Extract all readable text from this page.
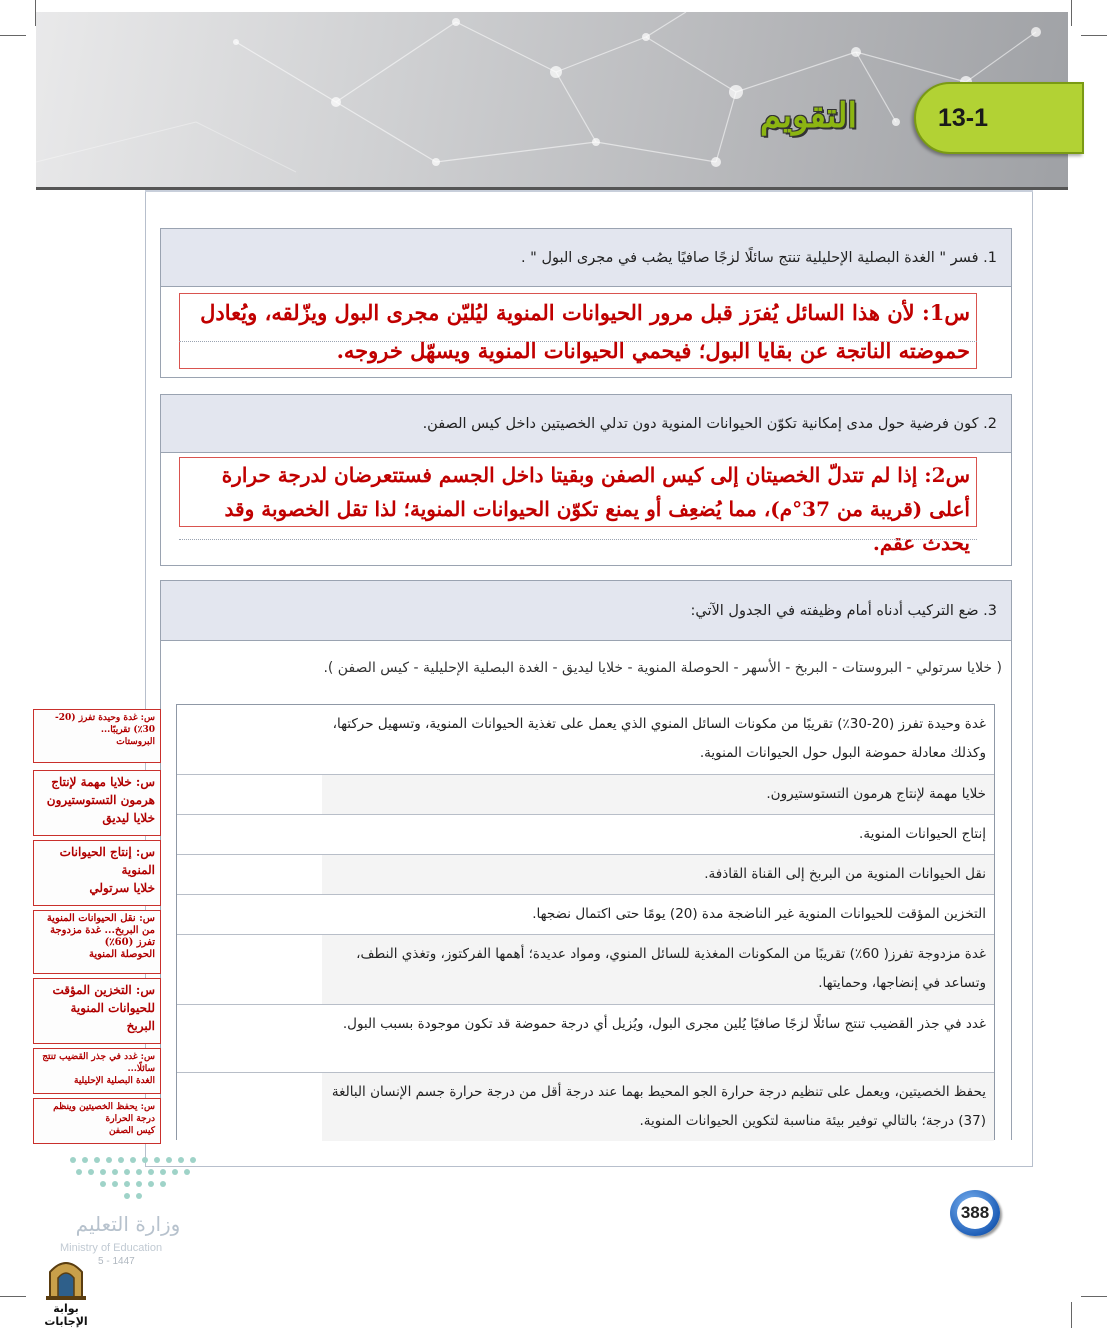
التقويم	13-1
1. فسر " الغدة البصلية الإحليلية تنتج سائلًا لزجًا صافيًا يصُب في مجرى البول " .
س1: لأن هذا السائل يُفرَز قبل مرور الحيوانات المنوية ليُليّن مجرى البول ويزّلقه، ويُعادل حموضته الناتجة عن بقايا البول؛ فيحمي الحيوانات المنوية ويسهّل خروجه.
2. كون فرضية حول مدى إمكانية تكوّن الحيوانات المنوية دون تدلي الخصيتين داخل كيس الصفن.
س2: إذا لم تتدلّ الخصيتان إلى كيس الصفن وبقيتا داخل الجسم فستتعرضان لدرجة حرارة أعلى (قريبة من 37°م)، مما يُضعِف أو يمنع تكوّن الحيوانات المنوية؛ لذا تقل الخصوبة وقد يحدث عقم.
3. ضع التركيب أدناه أمام وظيفته في الجدول الآتي:
( خلايا سرتولي - البروستات - البربخ - الأسهر - الحوصلة المنوية - خلايا ليديق - الغدة البصلية الإحليلية - كيس الصفن ).
غدة وحيدة تفرز (20-30٪) تقريبًا من مكونات السائل المنوي الذي يعمل على تغذية الحيوانات المنوية، وتسهيل حركتها، وكذلك معادلة حموضة البول حول الحيوانات المنوية.
خلايا مهمة لإنتاج هرمون التستوستيرون.
إنتاج الحيوانات المنوية.
نقل الحيوانات المنوية من البربخ إلى القناة القاذفة.
التخزين المؤقت للحيوانات المنوية غير الناضجة مدة (20) يومًا حتى اكتمال نضجها.
غدة مزدوجة تفرز( 60٪) تقريبًا من المكونات المغذية للسائل المنوي، ومواد عديدة؛ أهمها الفركتوز، وتغذي النطف، وتساعد في إنضاجها، وحمايتها.
غدد في جذر القضيب تنتج سائلًا لزجًا صافيًا يُلين مجرى البول، ويُزيل أي درجة حموضة قد تكون موجودة بسبب البول.
يحفظ الخصيتين، ويعمل على تنظيم درجة حرارة الجو المحيط بهما عند درجة أقل من درجة حرارة جسم الإنسان البالغة (37) درجة؛ بالتالي توفير بيئة مناسبة لتكوين الحيوانات المنوية.
س: غدة وحيدة تفرز (20-30٪) تقريبًا...
البروستات
س: خلايا مهمة لإنتاج هرمون التستوستيرون
خلايا ليديق
س: إنتاج الحيوانات المنوية
خلايا سرتولي
س: نقل الحيوانات المنوية من البربخ... غدة مزدوجة تفرز (60٪)
الحوصلة المنوية
س: التخزين المؤقت للحيوانات المنوية
البربخ
س: غدد في جذر القضيب تنتج سائلًا...
الغدة البصلية الإحليلية
س: يحفظ الخصيتين وينظم درجة الحرارة
كيس الصفن
388
وزارة التعليم
Ministry of Education
5 - 1447
بوابة الإجابات
